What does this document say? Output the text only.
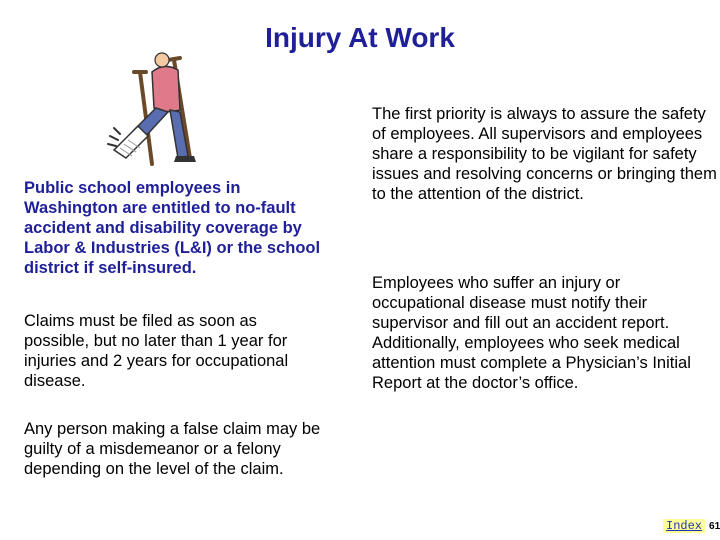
Injury At Work

Public school employees in Washington are entitled to no-fault accident and disability coverage by Labor & Industries (L&I) or the school district if self-insured.

Claims must be filed as soon as possible, but no later than 1 year for injuries and 2 years for occupational disease.

Any person making a false claim may be guilty of a misdemeanor or a felony depending on the level of the claim.

The first priority is always to assure the safety of employees. All supervisors and employees share a responsibility to be vigilant for safety issues and resolving concerns or bringing them to the attention of the district.

Employees who suffer an injury or occupational disease must notify their supervisor and fill out an accident report. Additionally, employees who seek medical attention must complete a Physician’s Initial Report at the doctor’s office.

Index 61
